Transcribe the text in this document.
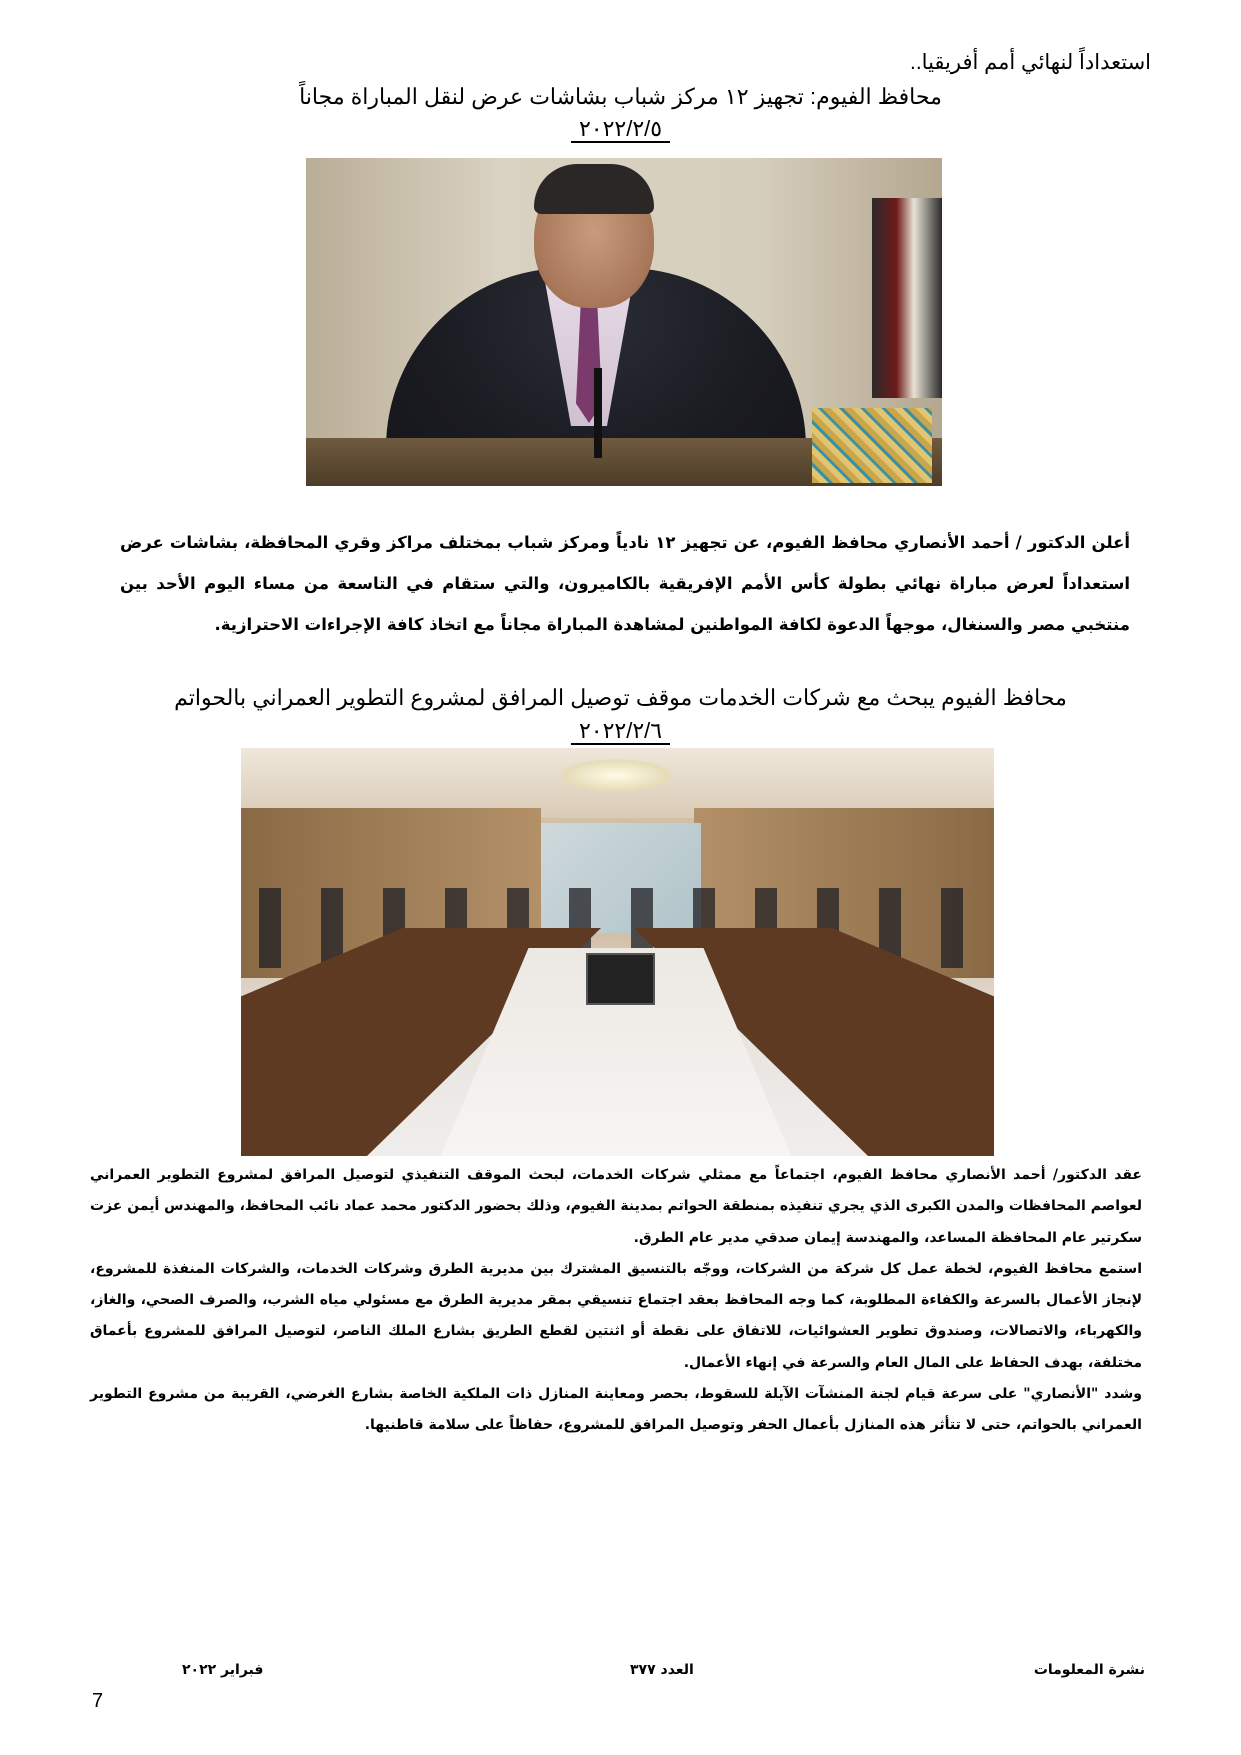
استعداداً لنهائي أمم أفريقيا..
محافظ الفيوم: تجهيز ١٢ مركز شباب بشاشات عرض لنقل المباراة مجاناً
٢٠٢٢/٢/٥
أعلن الدكتور / أحمد الأنصاري محافظ الفيوم، عن تجهيز ١٢ نادياً ومركز شباب بمختلف مراكز وقري المحافظة، بشاشات عرض استعداداً لعرض مباراة نهائي بطولة كأس الأمم الإفريقية بالكاميرون، والتي ستقام في التاسعة من مساء اليوم الأحد بين منتخبي مصر والسنغال، موجهاً الدعوة لكافة المواطنين لمشاهدة المباراة مجاناً مع اتخاذ كافة الإجراءات الاحترازية.
محافظ الفيوم يبحث مع شركات الخدمات موقف توصيل المرافق لمشروع التطوير العمراني بالحواتم
٢٠٢٢/٢/٦
عقد الدكتور/ أحمد الأنصاري محافظ الفيوم، اجتماعاً مع ممثلي شركات الخدمات، لبحث الموقف التنفيذي لتوصيل المرافق لمشروع التطوير العمراني لعواصم المحافظات والمدن الكبرى الذي يجري تنفيذه بمنطقة الحواتم بمدينة الفيوم، وذلك بحضور الدكتور محمد عماد نائب المحافظ، والمهندس أيمن عزت سكرتير عام المحافظة المساعد، والمهندسة إيمان صدقي مدير عام الطرق.
استمع محافظ الفيوم، لخطة عمل كل شركة من الشركات، ووجّه بالتنسيق المشترك بين مديرية الطرق وشركات الخدمات، والشركات المنفذة للمشروع، لإنجاز الأعمال بالسرعة والكفاءة المطلوبة، كما وجه المحافظ بعقد اجتماع تنسيقي بمقر مديرية الطرق مع مسئولي مياه الشرب، والصرف الصحي، والغاز، والكهرباء، والاتصالات، وصندوق تطوير العشوائيات، للاتفاق على نقطة أو اثنتين لقطع الطريق بشارع الملك الناصر، لتوصيل المرافق للمشروع بأعماق مختلفة، بهدف الحفاظ على المال العام والسرعة في إنهاء الأعمال.
وشدد "الأنصاري" على سرعة قيام لجنة المنشآت الآيلة للسقوط، بحصر ومعاينة المنازل ذات الملكية الخاصة بشارع الغرضي، القريبة من مشروع التطوير العمراني بالحواتم، حتى لا تتأثر هذه المنازل بأعمال الحفر وتوصيل المرافق للمشروع، حفاظاً على سلامة قاطنيها.
نشرة المعلومات
العدد ٣٧٧
فبراير ٢٠٢٢
7
